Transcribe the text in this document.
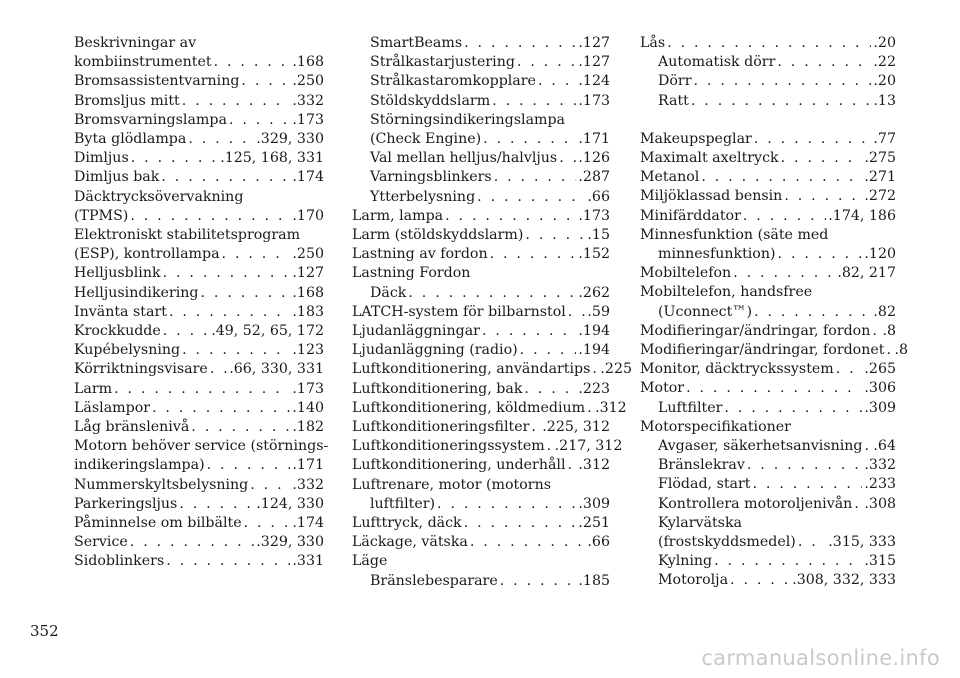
Beskrivningar av
kombiinstrumentet . . .	.168
Bromsassistentvarning . . .	.250
Bromsljus mitt . . .	.332
Bromsvarningslampa . . .	.173
Byta glödlampa . . .	.329, 330
Dimljus . . .	.125, 168, 331
Dimljus bak . . .	.174
Däcktrycksövervakning
(TPMS) . . .	.170
Elektroniskt stabilitetsprogram
(ESP), kontrollampa . . .	.250
Helljusblink . . .	.127
Helljusindikering . . .	.168
Inväntа start . . .	.183
Krockkudde . . .	.49, 52, 65, 172
Kupébelysning . . .	.123
Körriktningsvisare . . . .66, 330, 331
Larm . . .	.173
Läslampor . . .	.140
Låg bränslenivå . . .	.182
Motorn behöver service (störnings-
indikeringslampa) . . .	.171
Nummerskyltsbelysning . . .	.332
Parkeringsljus . . .	.124, 330
Påminnelse om bilbälte . . .	.174
Service . . .	.329, 330
Sidoblinkers . . .	.331
SmartBeams . . .	.127
Strålkastarjustering . . .	.127
Strålkastaromkopplare . . .	.124
Stöldskyddslarm . . .	.173
Störningsindikeringslampa
(Check Engine) . . .	.171
Val mellan helljus/halvljus . . . .126
Varningsblinkers . . .	.287
Ytterbelysning . . .	.66
Larm, lampa . . .	.173
Larm (stöldskyddslarm) . . .	.15
Lastning av fordon . . .	.152
Lastning Fordon
Däck . . .	.262
LATCH-system för bilbarnstol . . . .59
Ljudanläggningar . . .	.194
Ljudanläggning (radio) . . .	.194
Luftkonditionering, användartips . . . .225
Luftkonditionering, bak . . .	.223
Luftkonditionering, köldmedium . . . .312
Luftkonditioneringsfilter . . . .225, 312
Luftkonditioneringssystem . . . .217, 312
Luftkonditionering, underhåll . . . .312
Luftrenare, motor (motorns
luftfilter) . . .	.309
Lufttryck, däck . . .	.251
Läckage, vätska . . .	.66
Läge
Bränslebesparare . . .	.185
Lås . . .	.20
Automatisk dörr . . .	.22
Dörr . . .	.20
Ratt . . .	.13
Makeupspeglar . . .	.77
Maximalt axeltryck . . .	.275
Metanol . . .	.271
Miljöklassad bensin . . .	.272
Minifärddator . . .	.174, 186
Minnesfunktion (säte med
minnesfunktion) . . .	.120
Mobiltelefon . . .	.82, 217
Mobiltelefon, handsfree
(Uconnect™) . . .	.82
Modifieringar/ändringar, fordon . . . .8
Modifieringar/ändringar, fordonet . . . .8
Monitor, däcktryckssystem . . . .265
Motor . . .	.306
Luftfilter . . .	.309
Motorspecifikationer
Avgaser, säkerhetsanvisning . . . .64
Bränslekrav . . .	.332
Flödad, start . . .	.233
Kontrollera motoroljenivån . . . .308
Kylarvätska
(frostskyddsmedel) . . . .315, 333
Kylning . . .	.315
Motorolja . . .	.308, 332, 333
352
carmanualsonline.info
